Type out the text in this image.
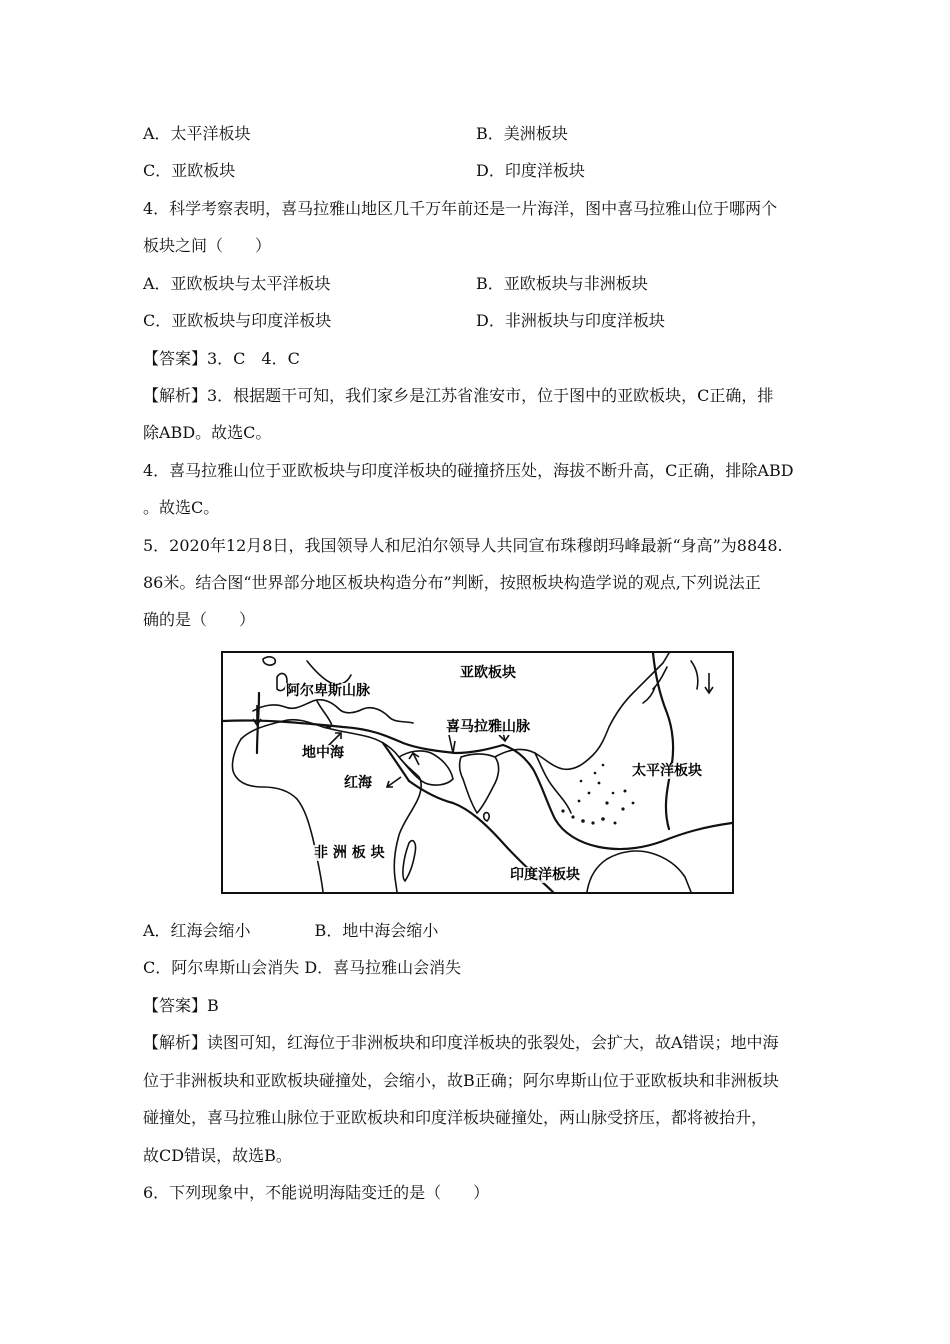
A．太平洋板块	B．美洲板块
C．亚欧板块	D．印度洋板块
4．科学考察表明，喜马拉雅山地区几千万年前还是一片海洋，图中喜马拉雅山位于哪两个
板块之间（　　）
A．亚欧板块与太平洋板块	B．亚欧板块与非洲板块
C．亚欧板块与印度洋板块	D．非洲板块与印度洋板块
【答案】3．C　4．C
【解析】3．根据题干可知，我们家乡是江苏省淮安市，位于图中的亚欧板块，C正确，排
除ABD。故选C。
4．喜马拉雅山位于亚欧板块与印度洋板块的碰撞挤压处，海拔不断升高，C正确，排除ABD
。故选C。
5．2020年12月8日，我国领导人和尼泊尔领导人共同宣布珠穆朗玛峰最新“身高”为8848.
86米。结合图“世界部分地区板块构造分布”判断，按照板块构造学说的观点,下列说法正
确的是（　　）
亚欧板块
阿尔卑斯山脉
喜马拉雅山脉
地中海
红海
太平洋板块
非 洲 板 块
印度洋板块
A．红海会缩小　　　　B．地中海会缩小
C．阿尔卑斯山会消失 D．喜马拉雅山会消失
【答案】B
【解析】读图可知，红海位于非洲板块和印度洋板块的张裂处，会扩大，故A错误；地中海
位于非洲板块和亚欧板块碰撞处，会缩小，故B正确；阿尔卑斯山位于亚欧板块和非洲板块
碰撞处，喜马拉雅山脉位于亚欧板块和印度洋板块碰撞处，两山脉受挤压，都将被抬升，
故CD错误，故选B。
6．下列现象中，不能说明海陆变迁的是（　　）
